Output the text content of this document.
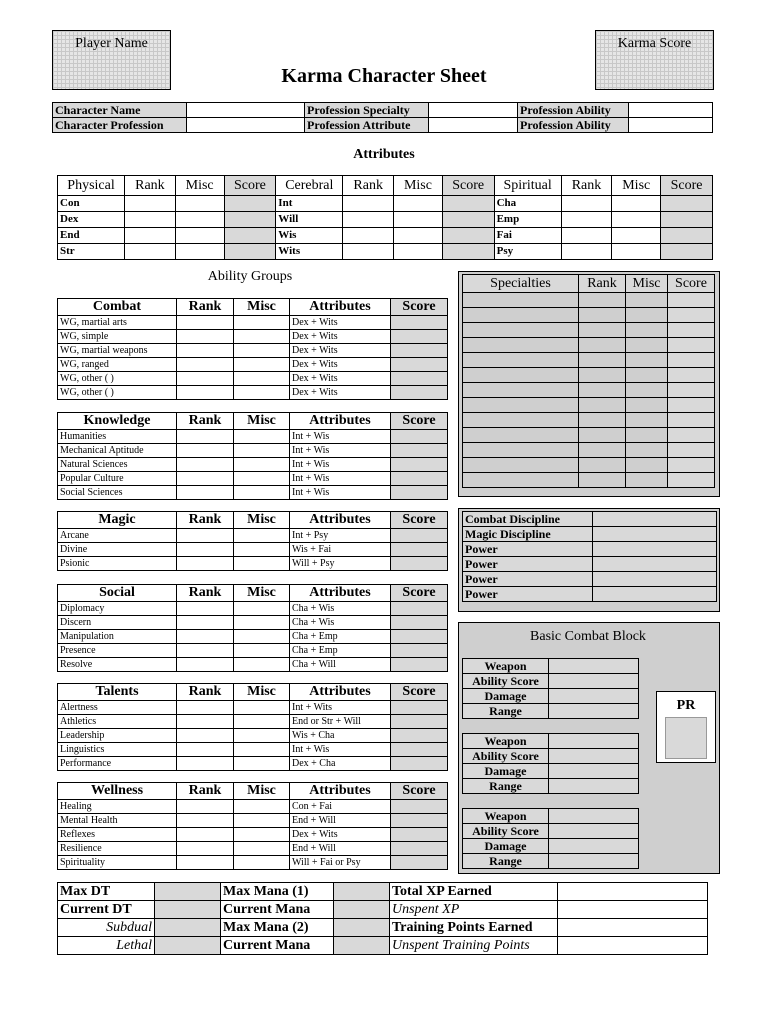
Player Name	Karma Score
Karma Character Sheet
Character Name		Profession Specialty		Profession Ability	
Character Profession		Profession Attribute		Profession Ability	
Attributes
Physical	Rank	Misc	Score	Cerebral	Rank	Misc	Score	Spiritual	Rank	Misc	Score
Con				Int				Cha			
Dex				Will				Emp			
End				Wis				Fai			
Str				Wits				Psy			
Ability Groups
Combat	Rank	Misc	Attributes	Score
WG, martial arts			Dex + Wits	
WG, simple			Dex + Wits	
WG, martial weapons			Dex + Wits	
WG, ranged			Dex + Wits	
WG, other ( )			Dex + Wits	
WG, other ( )			Dex + Wits	
Knowledge	Rank	Misc	Attributes	Score
Humanities			Int + Wis	
Mechanical Aptitude			Int + Wis	
Natural Sciences			Int + Wis	
Popular Culture			Int + Wis	
Social Sciences			Int + Wis	
Magic	Rank	Misc	Attributes	Score
Arcane			Int + Psy	
Divine			Wis + Fai	
Psionic			Will + Psy	
Social	Rank	Misc	Attributes	Score
Diplomacy			Cha + Wis	
Discern			Cha + Wis	
Manipulation			Cha + Emp	
Presence			Cha + Emp	
Resolve			Cha + Will	
Talents	Rank	Misc	Attributes	Score
Alertness			Int + Wits	
Athletics			End or Str + Will	
Leadership			Wis + Cha	
Linguistics			Int + Wis	
Performance			Dex + Cha	
Wellness	Rank	Misc	Attributes	Score
Healing			Con + Fai	
Mental Health			End + Will	
Reflexes			Dex + Wits	
Resilience			End + Will	
Spirituality			Will + Fai or Psy	
Specialties	Rank	Misc	Score

Combat Discipline	
Magic Discipline	
Power	
Power	
Power	
Power	
Basic Combat Block
Weapon	
Ability Score	
Damage	
Range	
Weapon	
Ability Score	
Damage	
Range	
Weapon	
Ability Score	
Damage	
Range	
PR
Max DT		Max Mana (1)		Total XP Earned	
Current DT		Current Mana		Unspent XP	
Subdual		Max Mana (2)		Training Points Earned	
Lethal		Current Mana		Unspent Training Points	
